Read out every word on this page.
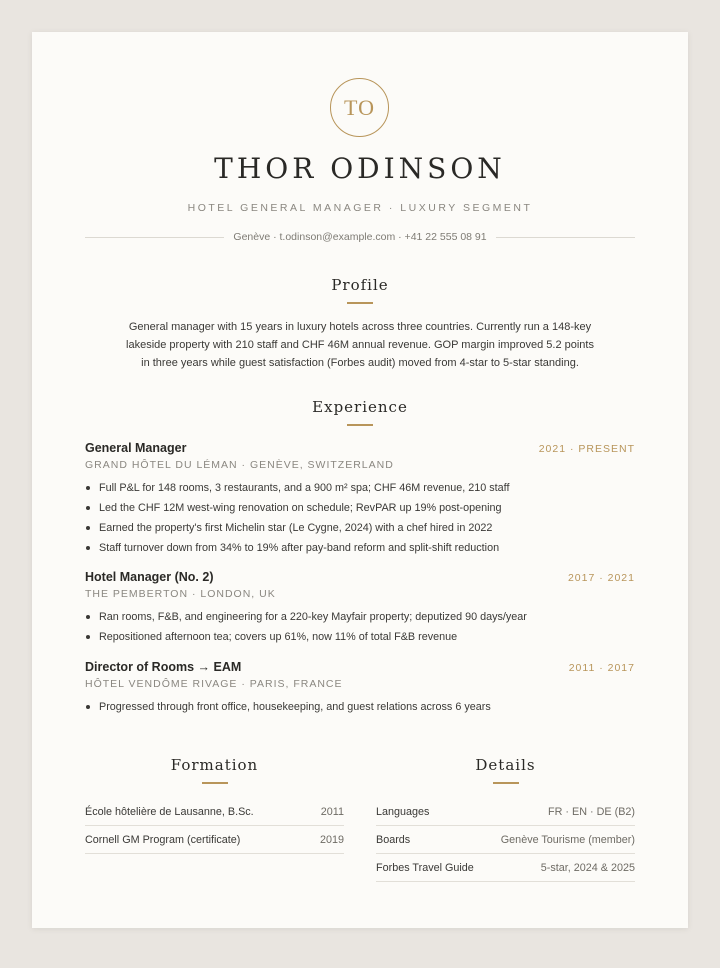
TO
THOR ODINSON
HOTEL GENERAL MANAGER · LUXURY SEGMENT
Genève · t.odinson@example.com · +41 22 555 08 91
Profile
General manager with 15 years in luxury hotels across three countries. Currently run a 148-key lakeside property with 210 staff and CHF 46M annual revenue. GOP margin improved 5.2 points in three years while guest satisfaction (Forbes audit) moved from 4-star to 5-star standing.
Experience
General Manager	2021 · PRESENT
GRAND HÔTEL DU LÉMAN · GENÈVE, SWITZERLAND
Full P&L for 148 rooms, 3 restaurants, and a 900 m² spa; CHF 46M revenue, 210 staff
Led the CHF 12M west-wing renovation on schedule; RevPAR up 19% post-opening
Earned the property's first Michelin star (Le Cygne, 2024) with a chef hired in 2022
Staff turnover down from 34% to 19% after pay-band reform and split-shift reduction
Hotel Manager (No. 2)	2017 · 2021
THE PEMBERTON · LONDON, UK
Ran rooms, F&B, and engineering for a 220-key Mayfair property; deputized 90 days/year
Repositioned afternoon tea; covers up 61%, now 11% of total F&B revenue
Director of Rooms → EAM	2011 · 2017
HÔTEL VENDÔME RIVAGE · PARIS, FRANCE
Progressed through front office, housekeeping, and guest relations across 6 years
Formation
École hôtelière de Lausanne, B.Sc.	2011
Cornell GM Program (certificate)	2019
Details
Languages	FR · EN · DE (B2)
Boards	Genève Tourisme (member)
Forbes Travel Guide	5-star, 2024 & 2025
